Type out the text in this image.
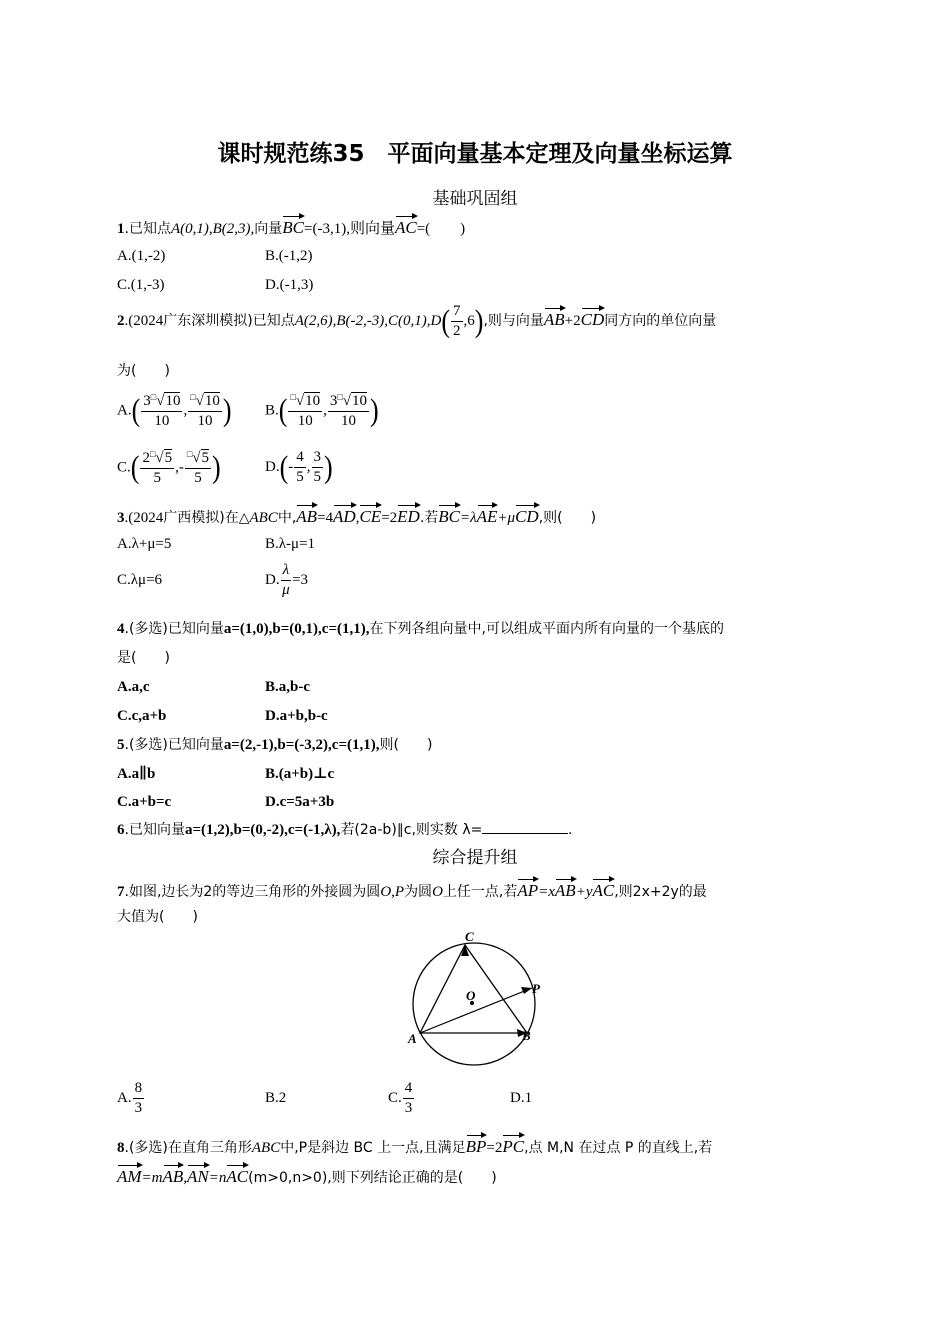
课时规范练35　平面向量基本定理及向量坐标运算
基础巩固组
1.已知点A(0,1),B(2,3),向量BC=(-3,1),则向量AC=(　　)
A.(1,-2)	B.(-1,2)
C.(1,-3)	D.(-1,3)
2.(2024广东深圳模拟)已知点$A(2,6),B(-2,-3),C(0,1),D( \frac{7}{2} ,6)$,则与向量AB+2CD同方向的单位向量
为(　　)
$A.( \frac{3^□√10}{10}$ , $\frac{^□√10}{10}$ ) $B.( \frac{^□√10}{10}$ , $\frac{3^□√10}{10}$ )
$C.( \frac{2^□√5}{5}$ ,- $\frac{^□√5}{5}$ )	$D.(- \frac{4}{5}$ , $\frac{3}{5}$ )
3.(2024广西模拟)在△ABC中,AB=4AD,CE=2ED.若BC=λAE+μCD,则(　　)
A.λ+μ=5	B.λ-μ=1
C.λμ=6	D. $\frac{\lambda}{\mu} =3$
4.(多选)已知向量a=(1,0),b=(0,1),c=(1,1),在下列各组向量中,可以组成平面内所有向量的一个基底的
是(　　)
A.a,c	B.a,b-c
C.c,a+b	D.a+b,b-c
5.(多选)已知向量a=(2,-1),b=(-3,2),c=(1,1),则(　　)
A.a∥b	B.(a+b)⊥c
C.a+b=c	D.c=5a+3b
6.已知向量a=(1,2),b=(0,-2),c=(-1,λ),若(2a-b)∥c,则实数 λ=	.
综合提升组
7.如图,边长为2的等边三角形的外接圆为圆O,P为圆O上任一点,若AP=xAB+yAC,则2x+2y的最
大值为(　　)
C
O	P
A	B
A. $\frac{8}{3}$	B.2	C. $\frac{4}{3}$	D.1
8.(多选)在直角三角形ABC中,P是斜边 BC 上一点,且满足BP=2PC,点 M,N 在过点 P 的直线上,若
AM=mAB,AN=nAC(m>0,n>0),则下列结论正确的是(　　)
